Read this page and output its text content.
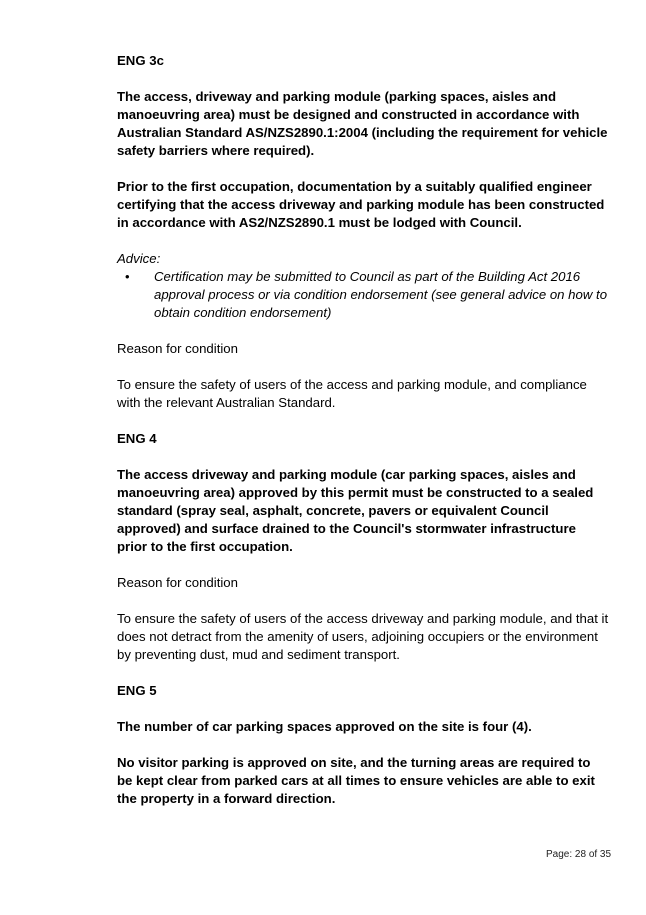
ENG 3c

The access, driveway and parking module (parking spaces, aisles and manoeuvring area) must be designed and constructed in accordance with Australian Standard AS/NZS2890.1:2004 (including the requirement for vehicle safety barriers where required).

Prior to the first occupation, documentation by a suitably qualified engineer certifying that the access driveway and parking module has been constructed in accordance with AS2/NZS2890.1 must be lodged with Council.

Advice:

• Certification may be submitted to Council as part of the Building Act 2016 approval process or via condition endorsement (see general advice on how to obtain condition endorsement)

Reason for condition

To ensure the safety of users of the access and parking module, and compliance with the relevant Australian Standard.

ENG 4

The access driveway and parking module (car parking spaces, aisles and manoeuvring area) approved by this permit must be constructed to a sealed standard (spray seal, asphalt, concrete, pavers or equivalent Council approved) and surface drained to the Council's stormwater infrastructure prior to the first occupation.

Reason for condition

To ensure the safety of users of the access driveway and parking module, and that it does not detract from the amenity of users, adjoining occupiers or the environment by preventing dust, mud and sediment transport.

ENG 5

The number of car parking spaces approved on the site is four (4).

No visitor parking is approved on site, and the turning areas are required to be kept clear from parked cars at all times to ensure vehicles are able to exit the property in a forward direction.

Page: 28 of 35
